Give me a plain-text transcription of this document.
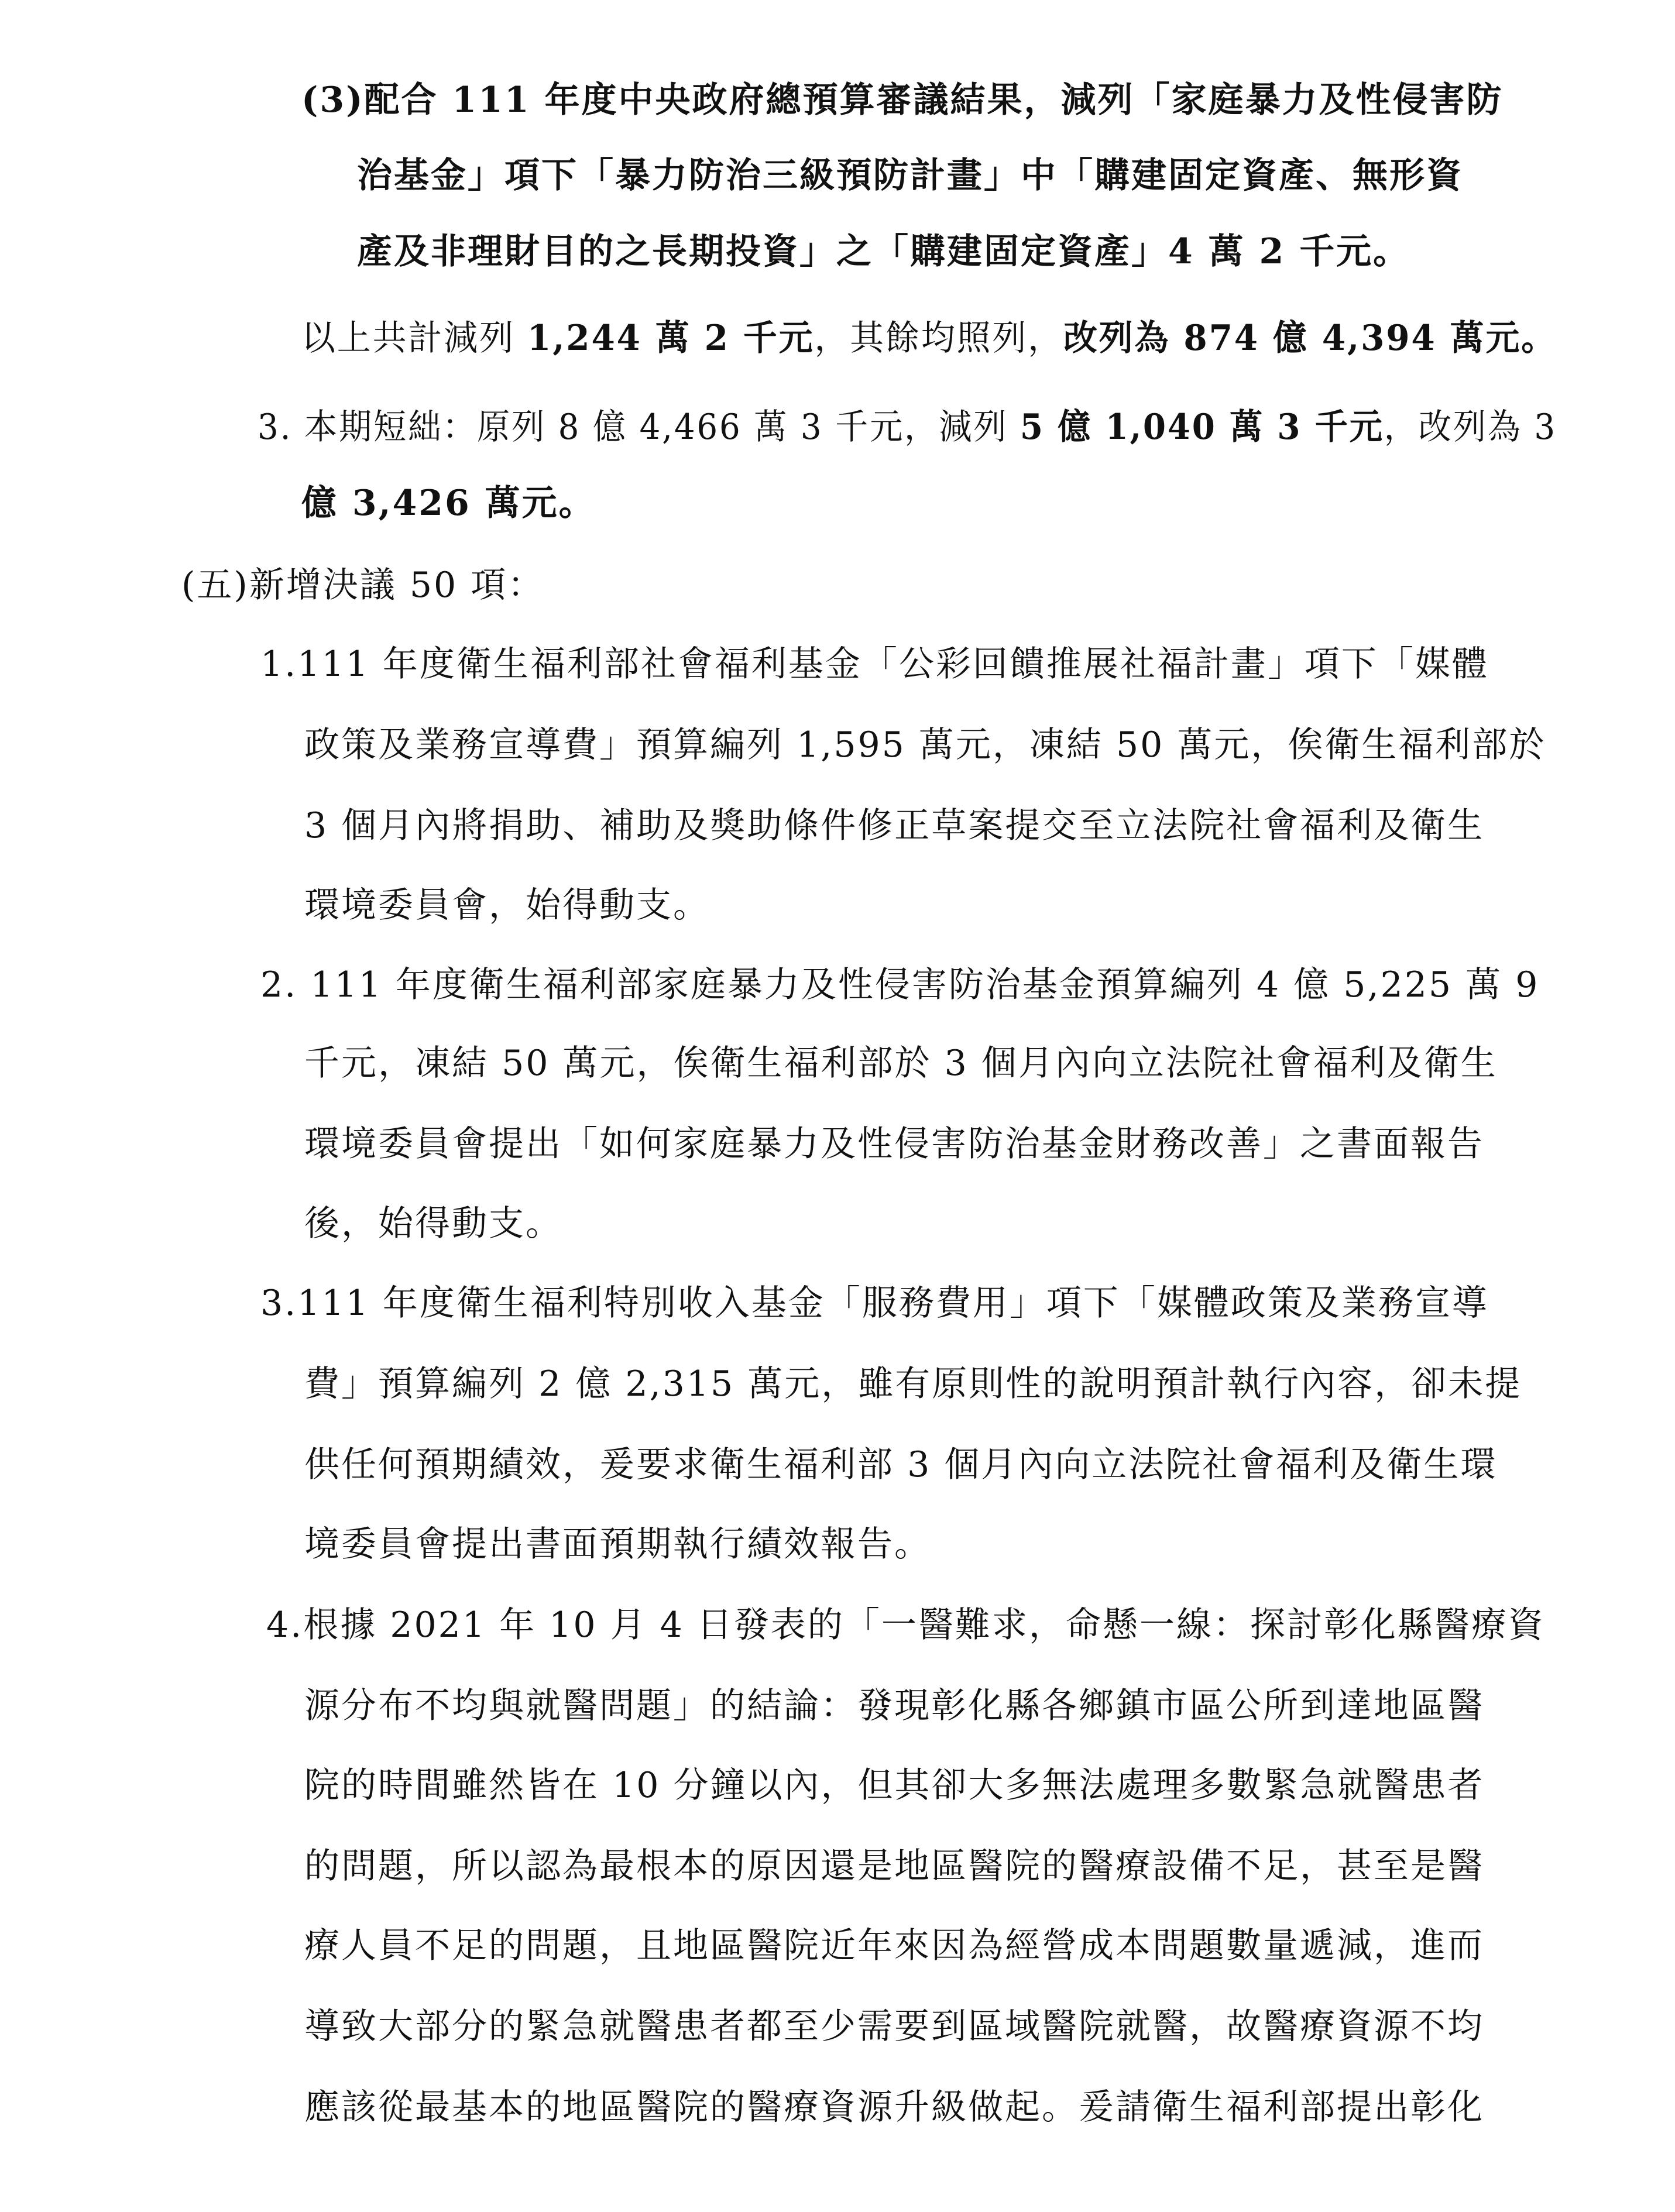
(3)配合 111 年度中央政府總預算審議結果，減列「家庭暴力及性侵害防
治基金」項下「暴力防治三級預防計畫」中「購建固定資產、無形資
產及非理財目的之長期投資」之「購建固定資產」4 萬 2 千元。
以上共計減列 1,244 萬 2 千元，其餘均照列，改列為 874 億 4,394 萬元。
3. 本期短絀：原列 8 億 4,466 萬 3 千元，減列 5 億 1,040 萬 3 千元，改列為 3
億 3,426 萬元。
(五)新增決議 50 項：
1.111 年度衛生福利部社會福利基金「公彩回饋推展社福計畫」項下「媒體
政策及業務宣導費」預算編列 1,595 萬元，凍結 50 萬元，俟衛生福利部於
3 個月內將捐助、補助及獎助條件修正草案提交至立法院社會福利及衛生
環境委員會，始得動支。
2. 111 年度衛生福利部家庭暴力及性侵害防治基金預算編列 4 億 5,225 萬 9
千元，凍結 50 萬元，俟衛生福利部於 3 個月內向立法院社會福利及衛生
環境委員會提出「如何家庭暴力及性侵害防治基金財務改善」之書面報告
後，始得動支。
3.111 年度衛生福利特別收入基金「服務費用」項下「媒體政策及業務宣導
費」預算編列 2 億 2,315 萬元，雖有原則性的說明預計執行內容，卻未提
供任何預期績效，爰要求衛生福利部 3 個月內向立法院社會福利及衛生環
境委員會提出書面預期執行績效報告。
4.根據 2021 年 10 月 4 日發表的「一醫難求，命懸一線：探討彰化縣醫療資
源分布不均與就醫問題」的結論：發現彰化縣各鄉鎮市區公所到達地區醫
院的時間雖然皆在 10 分鐘以內，但其卻大多無法處理多數緊急就醫患者
的問題，所以認為最根本的原因還是地區醫院的醫療設備不足，甚至是醫
療人員不足的問題，且地區醫院近年來因為經營成本問題數量遞減，進而
導致大部分的緊急就醫患者都至少需要到區域醫院就醫，故醫療資源不均
應該從最基本的地區醫院的醫療資源升級做起。爰請衛生福利部提出彰化
